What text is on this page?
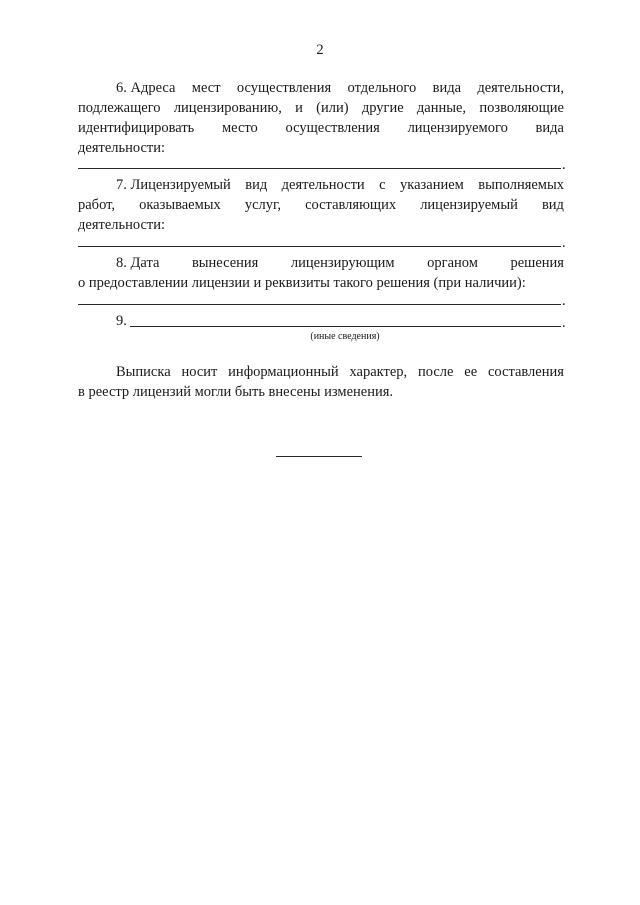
2
6. Адреса мест осуществления отдельного вида деятельности,
подлежащего лицензированию, и (или) другие данные, позволяющие
идентифицировать место осуществления лицензируемого вида
деятельности:
.
7. Лицензируемый вид деятельности с указанием выполняемых
работ, оказываемых услуг, составляющих лицензируемый вид
деятельности:
.
8. Дата вынесения лицензирующим органом решения
о предоставлении лицензии и реквизиты такого решения (при наличии):
.
9.	.
(иные сведения)
Выписка носит информационный характер, после ее составления
в реестр лицензий могли быть внесены изменения.
